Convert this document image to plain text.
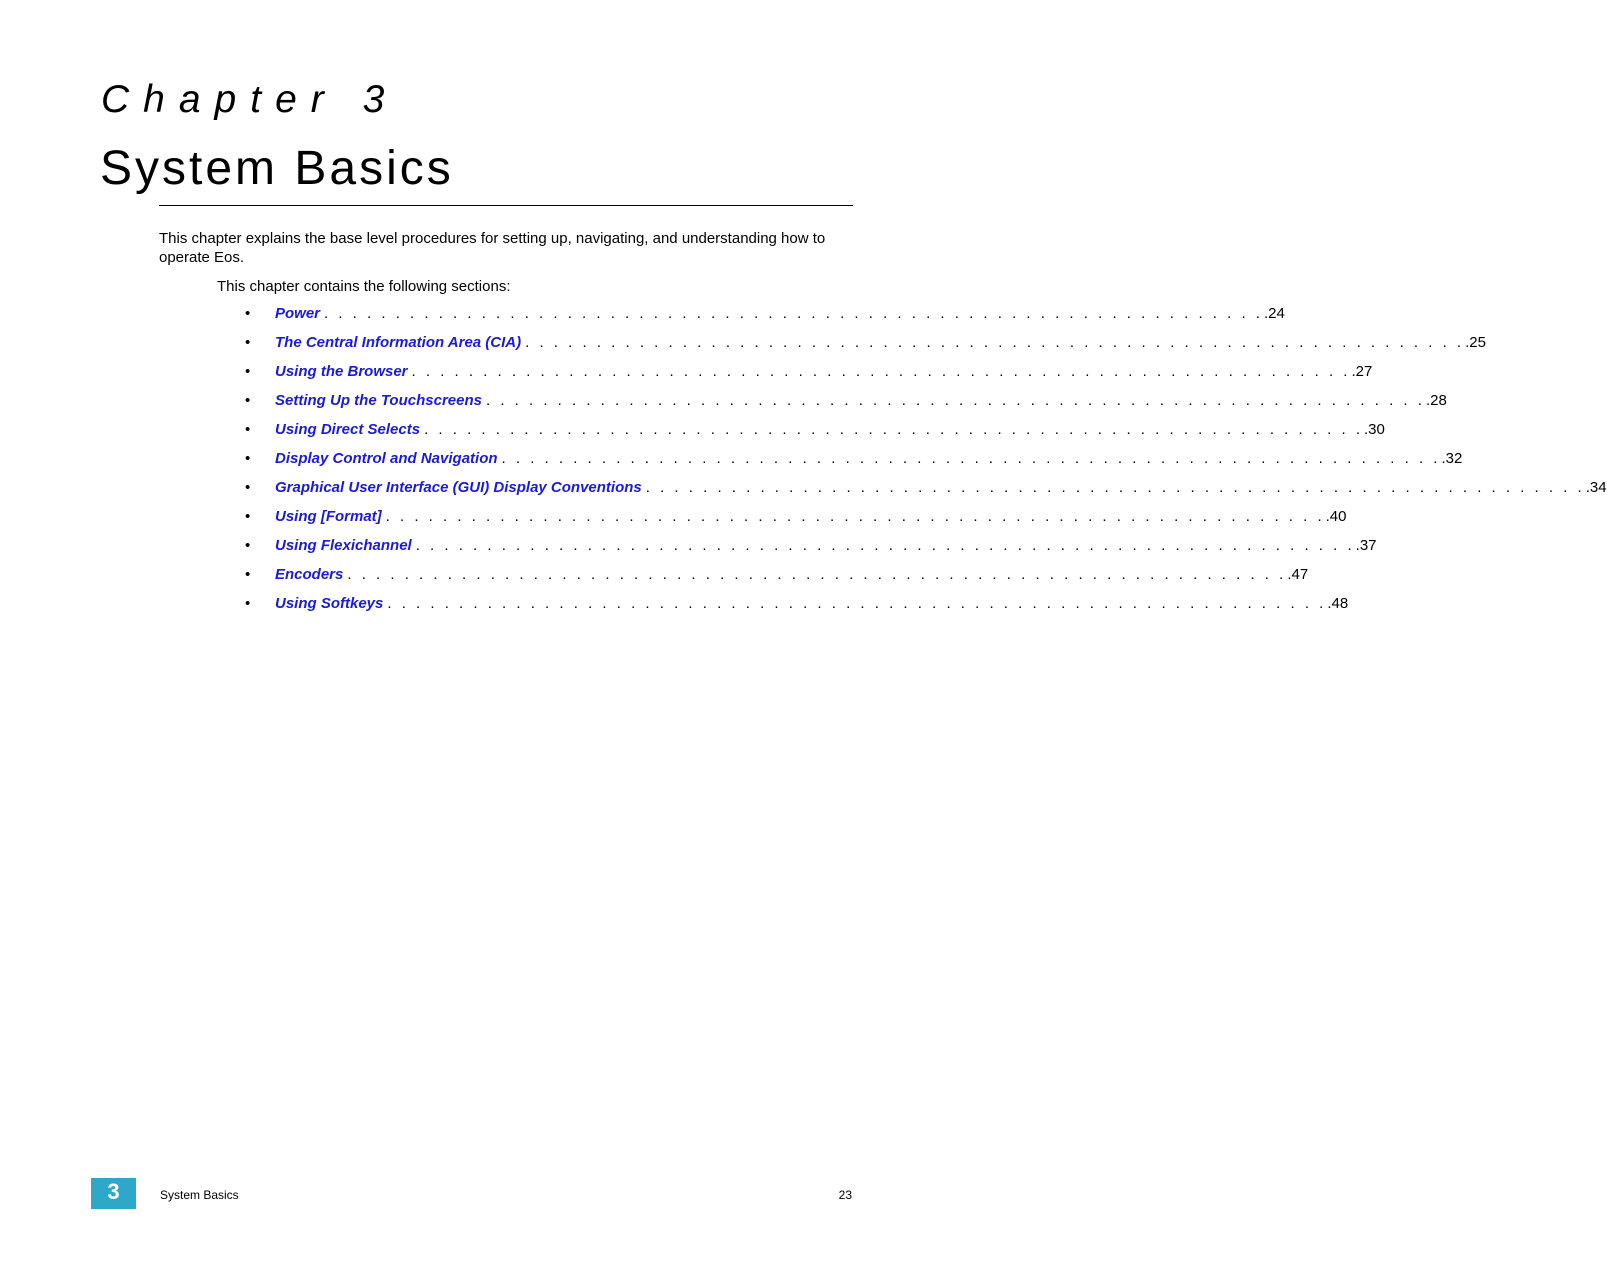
Chapter 3
System Basics

This chapter explains the base level procedures for setting up, navigating, and understanding how to operate Eos.

This chapter contains the following sections:

• Power . . . . . . . . . . . . . . . . . . . . . . . . . . . . . . . . . . . . . . . . . . . . . . . . . . . . . . . . . . . . . . . . . . .24
• The Central Information Area (CIA) . . . . . . . . . . . . . . . . . . . . . . . . . . . . . . . . . . . . . . . . . . . . . . . . . . . . . . . . . . . . . . . . . . .25
• Using the Browser . . . . . . . . . . . . . . . . . . . . . . . . . . . . . . . . . . . . . . . . . . . . . . . . . . . . . . . . . . . . . . . . . . .27
• Setting Up the Touchscreens . . . . . . . . . . . . . . . . . . . . . . . . . . . . . . . . . . . . . . . . . . . . . . . . . . . . . . . . . . . . . . . . . . .28
• Using Direct Selects . . . . . . . . . . . . . . . . . . . . . . . . . . . . . . . . . . . . . . . . . . . . . . . . . . . . . . . . . . . . . . . . . . .30
• Display Control and Navigation . . . . . . . . . . . . . . . . . . . . . . . . . . . . . . . . . . . . . . . . . . . . . . . . . . . . . . . . . . . . . . . . . . .32
• Graphical User Interface (GUI) Display Conventions . . . . . . . . . . . . . . . . . . . . . . . . . . . . . . . . . . . . . . . . . . . . . . . . . . . . . . . . . . . . . . . . . . .34
• Using [Format] . . . . . . . . . . . . . . . . . . . . . . . . . . . . . . . . . . . . . . . . . . . . . . . . . . . . . . . . . . . . . . . . . . .40
• Using Flexichannel . . . . . . . . . . . . . . . . . . . . . . . . . . . . . . . . . . . . . . . . . . . . . . . . . . . . . . . . . . . . . . . . . . .37
• Encoders . . . . . . . . . . . . . . . . . . . . . . . . . . . . . . . . . . . . . . . . . . . . . . . . . . . . . . . . . . . . . . . . . . .47
• Using Softkeys . . . . . . . . . . . . . . . . . . . . . . . . . . . . . . . . . . . . . . . . . . . . . . . . . . . . . . . . . . . . . . . . . . .48
3	System Basics	23
